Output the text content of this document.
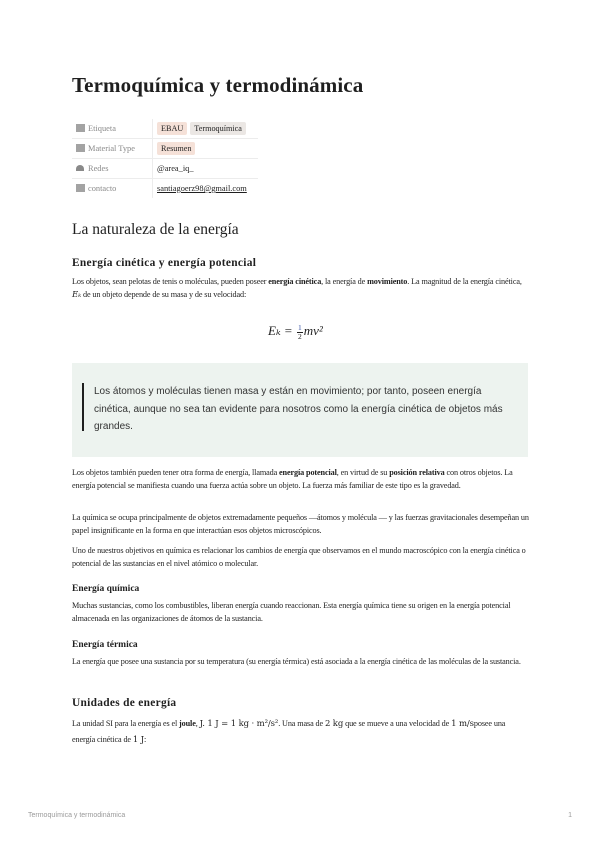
Termoquímica y termodinámica
Etiqueta	EBAU Termoquímica
Material Type	Resumen
Redes	@area_iq_
contacto	santiagoerz98@gmail.com
La naturaleza de la energía
Energía cinética y energía potencial

Los objetos, sean pelotas de tenis o moléculas, pueden poseer energía cinética, la energía de movimiento. La magnitud de la energía cinética, Eₖ de un objeto depende de su masa y de su velocidad:

$E_k = \frac{1}{2} mv^2$
Los átomos y moléculas tienen masa y están en movimiento; por tanto, poseen energía cinética, aunque no sea tan evidente para nosotros como la energía cinética de objetos más grandes.

Los objetos también pueden tener otra forma de energía, llamada energía potencial, en virtud de su posición relativa con otros objetos. La energía potencial se manifiesta cuando una fuerza actúa sobre un objeto. La fuerza más familiar de este tipo es la gravedad.

La química se ocupa principalmente de objetos extremadamente pequeños —átomos y molécula — y las fuerzas gravitacionales desempeñan un papel insignificante en la forma en que interactúan esos objetos microscópicos.

Uno de nuestros objetivos en química es relacionar los cambios de energía que observamos en el mundo macroscópico con la energía cinética o potencial de las sustancias en el nivel atómico o molecular.

Energía química

Muchas sustancias, como los combustibles, liberan energía cuando reaccionan. Esta energía química tiene su origen en la energía potencial almacenada en las organizaciones de átomos de la sustancia.

Energía térmica

La energía que posee una sustancia por su temperatura (su energía térmica) está asociada a la energía cinética de las moléculas de la sustancia.

Unidades de energía

La unidad SI para la energía es el joule, J. 1 J = 1 kg · m²/s². Una masa de 2 kg que se mueve a una velocidad de 1 m/sposee una energía cinética de 1 J:

Termoquímica y termodinámica	1
